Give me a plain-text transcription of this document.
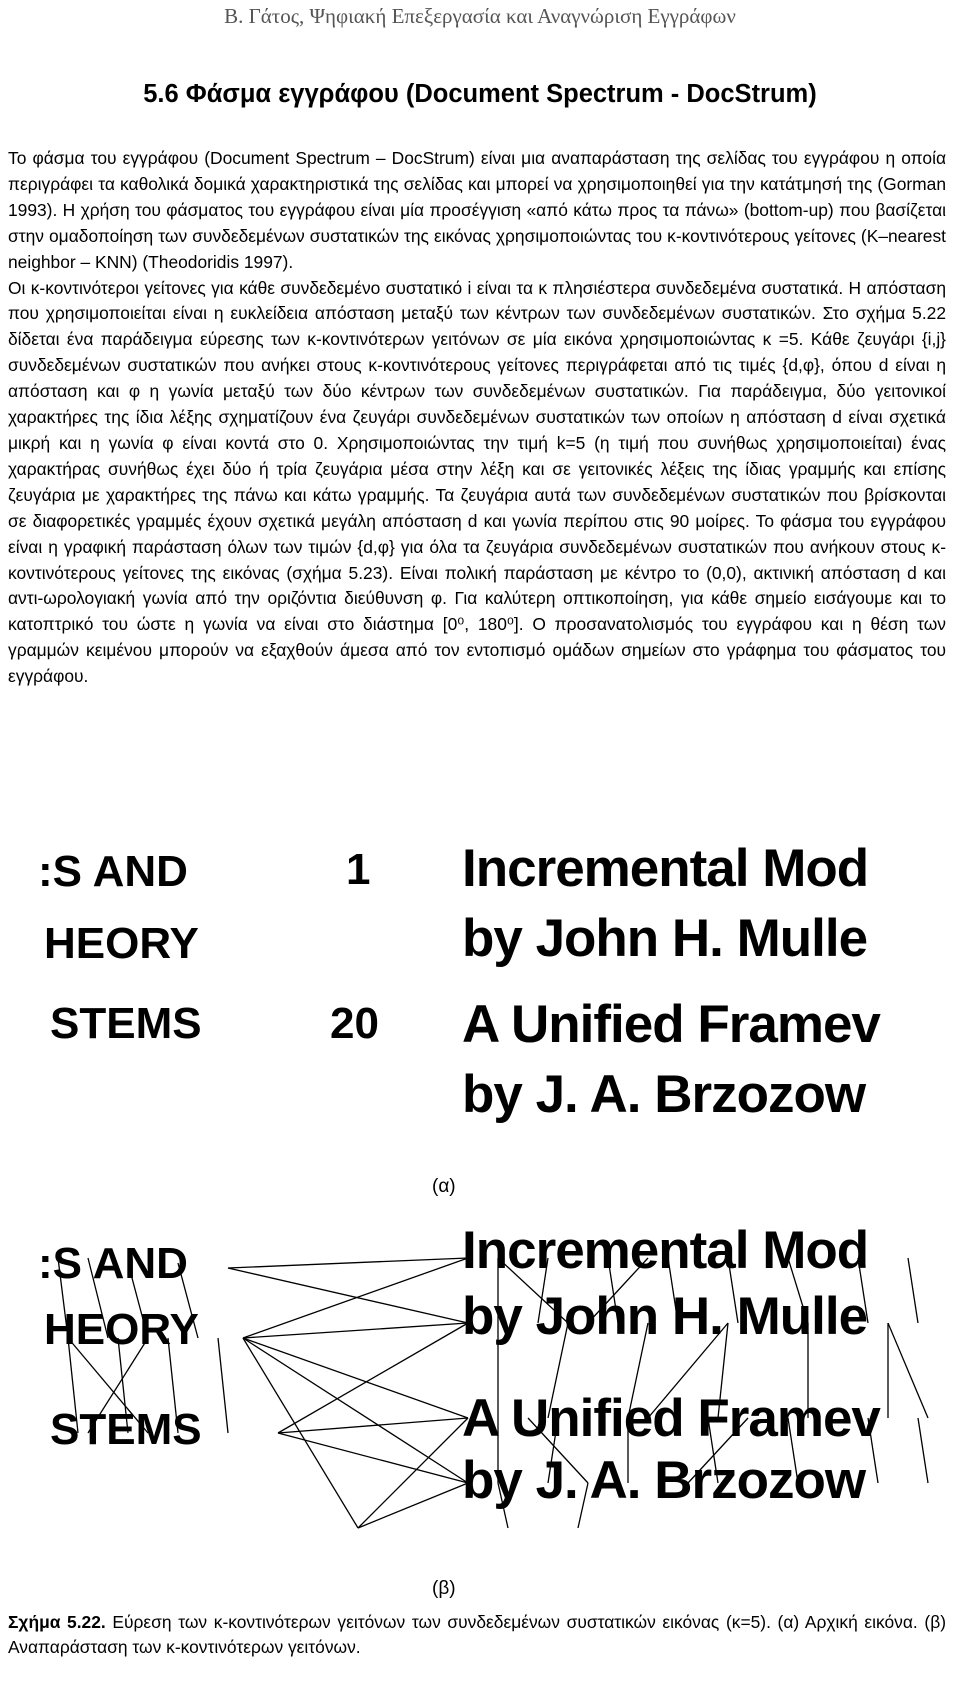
Β. Γάτος, Ψηφιακή Επεξεργασία και Αναγνώριση Εγγράφων
5.6 Φάσμα εγγράφου (Document Spectrum - DocStrum)

Το φάσμα του εγγράφου (Document Spectrum – DocStrum) είναι μια αναπαράσταση της σελίδας του εγγράφου η οποία περιγράφει τα καθολικά δομικά χαρακτηριστικά της σελίδας και μπορεί να χρησιμοποιηθεί για την κατάτμησή της (Gorman 1993). Η χρήση του φάσματος του εγγράφου είναι μία προσέγγιση «από κάτω προς τα πάνω» (bottom-up) που βασίζεται στην ομαδοποίηση των συνδεδεμένων συστατικών της εικόνας χρησιμοποιώντας του κ-κοντινότερους γείτονες (K–nearest neighbor – KNN) (Theodoridis 1997).

Οι κ-κοντινότεροι γείτονες για κάθε συνδεδεμένο συστατικό i είναι τα κ πλησιέστερα συνδεδεμένα συστατικά. Η απόσταση που χρησιμοποιείται είναι η ευκλείδεια απόσταση μεταξύ των κέντρων των συνδεδεμένων συστατικών. Στο σχήμα 5.22 δίδεται ένα παράδειγμα εύρεσης των κ-κοντινότερων γειτόνων σε μία εικόνα χρησιμοποιώντας κ =5. Κάθε ζευγάρι {i,j} συνδεδεμένων συστατικών που ανήκει στους κ-κοντινότερους γείτονες περιγράφεται από τις τιμές {d,φ}, όπου d είναι η απόσταση και φ η γωνία μεταξύ των δύο κέντρων των συνδεδεμένων συστατικών. Για παράδειγμα, δύο γειτονικοί χαρακτήρες της ίδια λέξης σχηματίζουν ένα ζευγάρι συνδεδεμένων συστατικών των οποίων η απόσταση d είναι σχετικά μικρή και η γωνία φ είναι κοντά στο 0. Χρησιμοποιώντας την τιμή k=5 (η τιμή που συνήθως χρησιμοποιείται) ένας χαρακτήρας συνήθως έχει δύο ή τρία ζευγάρια μέσα στην λέξη και σε γειτονικές λέξεις της ίδιας γραμμής και επίσης ζευγάρια με χαρακτήρες της πάνω και κάτω γραμμής. Τα ζευγάρια αυτά των συνδεδεμένων συστατικών που βρίσκονται σε διαφορετικές γραμμές έχουν σχετικά μεγάλη απόσταση d και γωνία περίπου στις 90 μοίρες. Το φάσμα του εγγράφου είναι η γραφική παράσταση όλων των τιμών {d,φ} για όλα τα ζευγάρια συνδεδεμένων συστατικών που ανήκουν στους κ-κοντινότερους γείτονες της εικόνας (σχήμα 5.23). Είναι πολική παράσταση με κέντρο το (0,0), ακτινική απόσταση d και αντι-ωρολογιακή γωνία από την οριζόντια διεύθυνση φ. Για καλύτερη οπτικοποίηση, για κάθε σημείο εισάγουμε και το κατοπτρικό του ώστε η γωνία να είναι στο διάστημα [0⁰, 180⁰]. Ο προσανατολισμός του εγγράφου και η θέση των γραμμών κειμένου μπορούν να εξαχθούν άμεσα από τον εντοπισμό ομάδων σημείων στο γράφημα του φάσματος του εγγράφου.

:S AND
HEORY
STEMS
1
20
Incremental Mod
by John H. Mulle
A Unified Framev
by J. A. Brzozow
(α)
:S AND
HEORY
STEMS
Incremental Mod
by John H. Mulle
A Unified Framev
by J. A. Brzozow
(β)
Σχήμα 5.22. Εύρεση των κ-κοντινότερων γειτόνων των συνδεδεμένων συστατικών εικόνας (κ=5). (α) Αρχική εικόνα. (β) Αναπαράσταση των κ-κοντινότερων γειτόνων.
